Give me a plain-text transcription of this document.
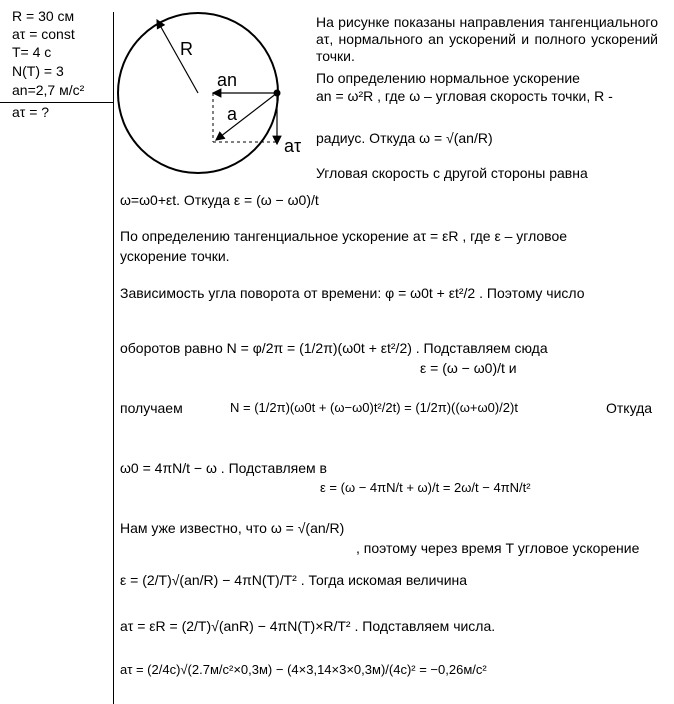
R = 30 см
aτ = const
T= 4 с
N(T) = 3
an=2,7 м/с²
aτ = ?
R
an
a
aτ
На рисунке показаны направления тангенциального aτ, нормального an ускорений и полного ускорений точки.
По определению нормальное ускорение
an = ω²R , где ω – угловая скорость точки, R -
радиус. Откуда ω = √(an/R)
Угловая скорость с другой стороны равна
ω=ω0+εt. Откуда ε = (ω − ω0)/t
По определению тангенциальное ускорение aτ = εR , где ε – угловое
ускорение точки.
Зависимость угла поворота от времени: φ = ω0t + εt²/2 . Поэтому число
оборотов равно N = φ/2π = (1/2π)(ω0t + εt²/2) . Подставляем сюда
ε = (ω − ω0)/t и
получаем	N = (1/2π)(ω0t + (ω−ω0)t²/2t) = (1/2π)((ω+ω0)/2)t	Откуда
ω0 = 4πN/t − ω . Подставляем в
ε = (ω − 4πN/t + ω)/t = 2ω/t − 4πN/t²
Нам уже известно, что ω = √(an/R)
, поэтому через время Т угловое ускорение
ε = (2/T)√(an/R) − 4πN(T)/T² . Тогда искомая величина
aτ = εR = (2/T)√(anR) − 4πN(T)×R/T² . Подставляем числа.
aτ = (2/4c)√(2.7м/с²×0,3м) − (4×3,14×3×0,3м)/(4c)² = −0,26м/с²
